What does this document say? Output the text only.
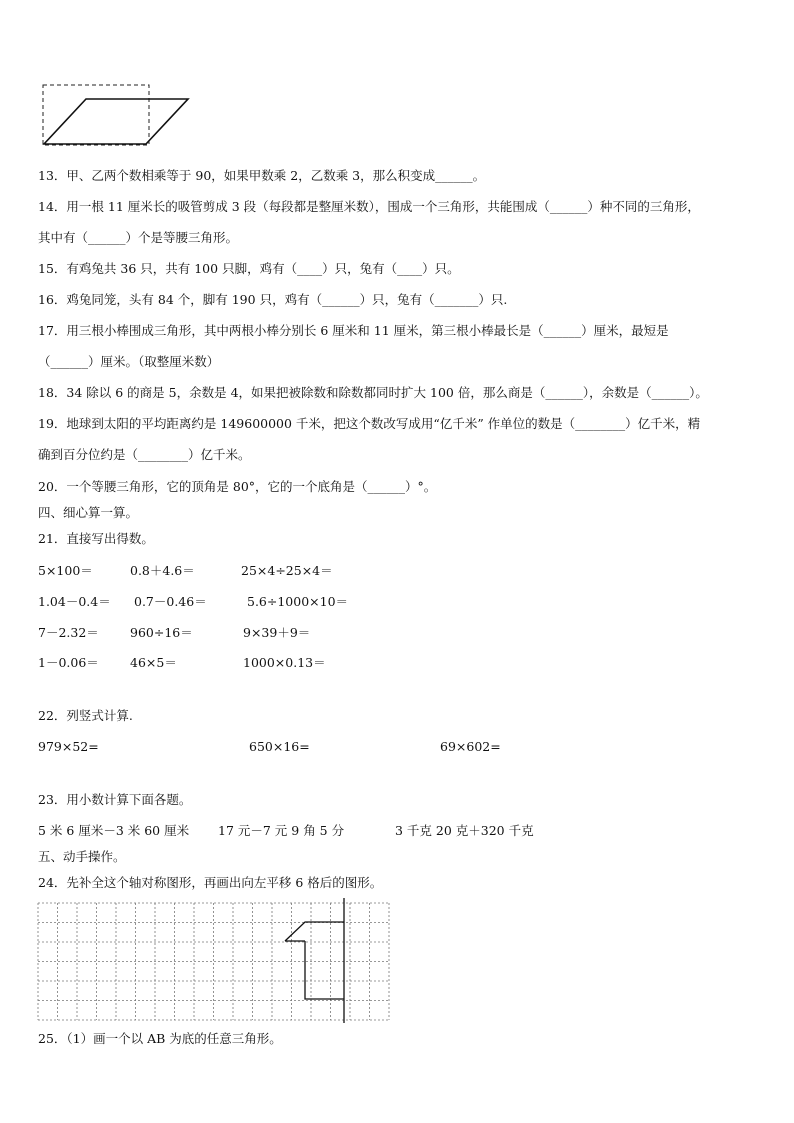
13．甲、乙两个数相乘等于 90，如果甲数乘 2，乙数乘 3，那么积变成______。
14．用一根 11 厘米长的吸管剪成 3 段（每段都是整厘米数），围成一个三角形，共能围成（______）种不同的三角形，
其中有（______）个是等腰三角形。
15．有鸡兔共 36 只，共有 100 只脚，鸡有（____）只，兔有（____）只。
16．鸡兔同笼，头有 84 个，脚有 190 只，鸡有（______）只，兔有（_______）只.
17．用三根小棒围成三角形，其中两根小棒分别长 6 厘米和 11 厘米，第三根小棒最长是（______）厘米，最短是
（______）厘米。（取整厘米数）
18．34 除以 6 的商是 5，余数是 4，如果把被除数和除数都同时扩大 100 倍，那么商是（______），余数是（______）。
19．地球到太阳的平均距离约是 149600000 千米，把这个数改写成用“亿千米” 作单位的数是（________）亿千米，精
确到百分位约是（________）亿千米。
20．一个等腰三角形，它的顶角是 80°，它的一个底角是（______）°。
四、细心算一算。
21．直接写出得数。
5×100＝	0.8＋4.6＝	25×4÷25×4＝
1.04－0.4＝ 0.7－0.46＝	5.6÷1000×10＝
7－2.32＝ 960÷16＝	9×39＋9＝
1－0.06＝ 46×5＝	1000×0.13＝
22．列竖式计算.
979×52=	650×16=	69×602=
23．用小数计算下面各题。
5 米 6 厘米－3 米 60 厘米 17 元－7 元 9 角 5 分	3 千克 20 克＋320 千克
五、动手操作。
24．先补全这个轴对称图形，再画出向左平移 6 格后的图形。
25．（1）画一个以 AB 为底的任意三角形。
